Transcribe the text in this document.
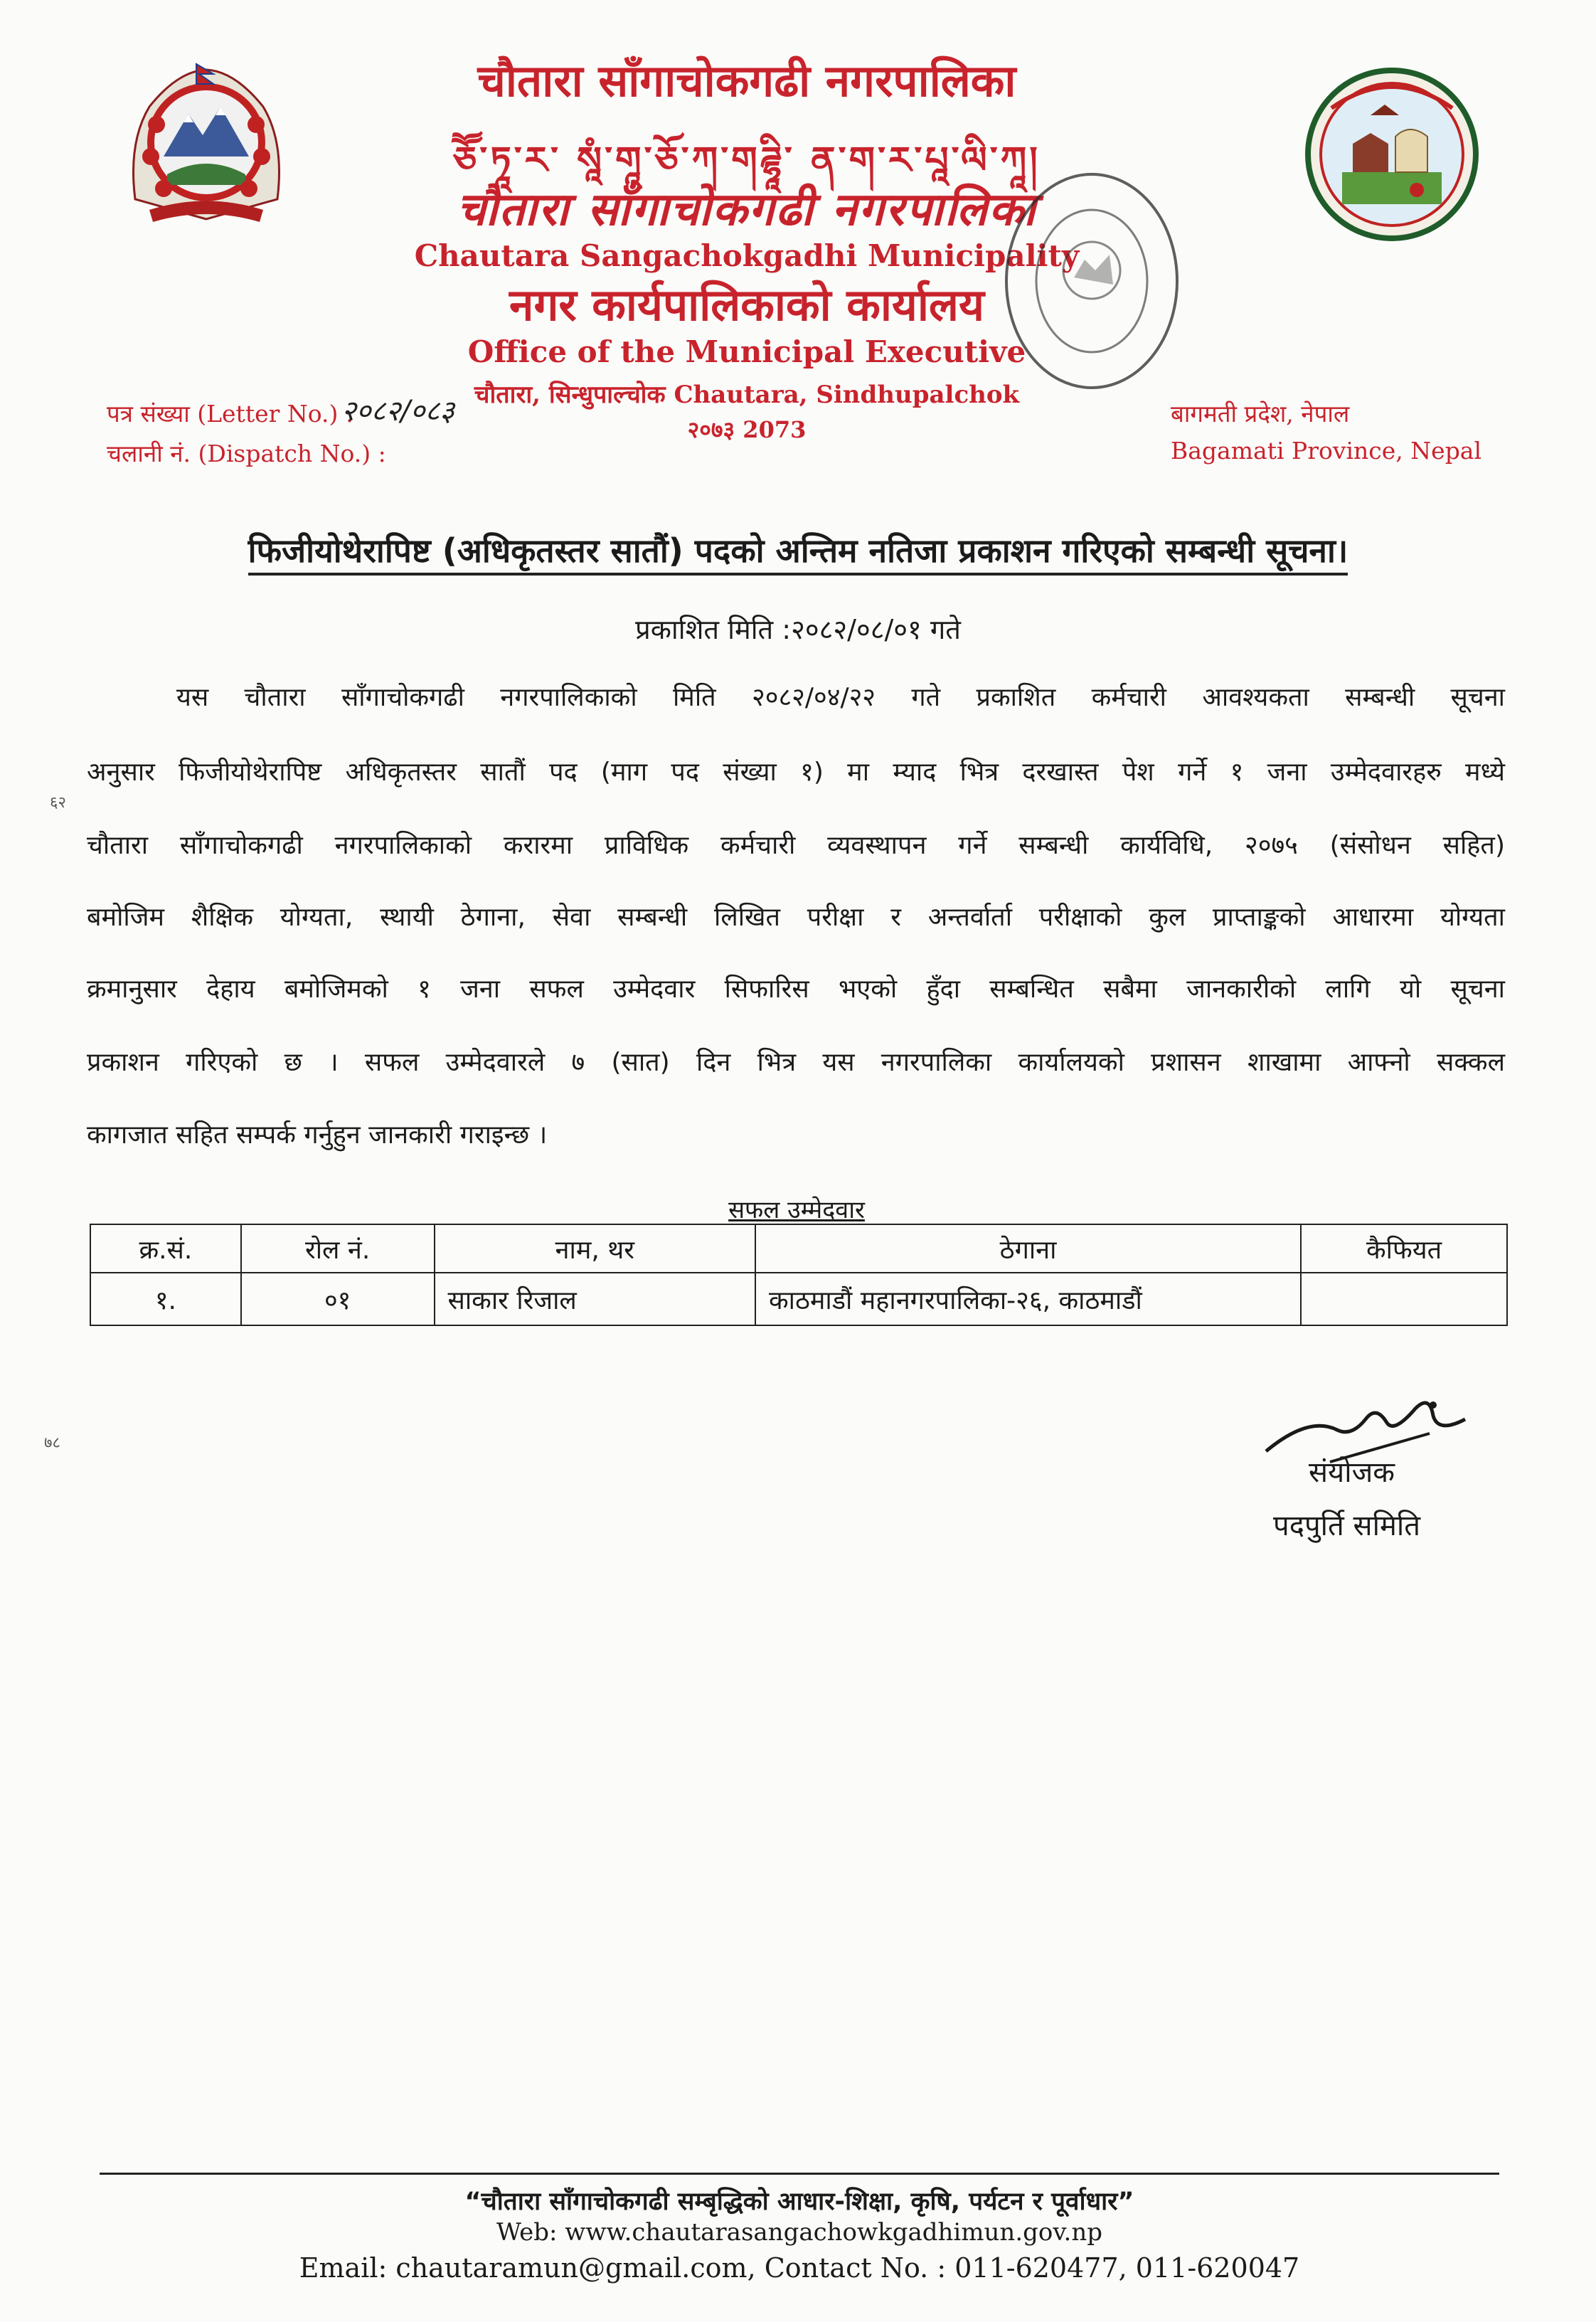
चौतारा साँगाचोकगढी नगरपालिका
ཅཽ་ཏཱ་ར་ སཱཾ་གཱ་ཅོ་ཀ་གཌྷཱི་ ན་ག་ར་པཱ་ལི་ཀཱ།
चौतारा साँगाचोकगढी नगरपालिका
Chautara Sangachokgadhi Municipality
नगर कार्यपालिकाको कार्यालय
Office of the Municipal Executive
चौतारा, सिन्धुपाल्चोक Chautara, Sindhupalchok
२०७३ 2073
पत्र संख्या (Letter No.) :
२०८२/०८३
चलानी नं. (Dispatch No.) :
बागमती प्रदेश, नेपाल
Bagamati Province, Nepal
फिजीयोथेरापिष्ट (अधिकृतस्तर सातौं) पदको अन्तिम नतिजा प्रकाशन गरिएको सम्बन्धी सूचना।
प्रकाशित मिति :२०८२/०८/०१ गते
यस चौतारा साँगाचोकगढी नगरपालिकाको मिति २०८२/०४/२२ गते प्रकाशित कर्मचारी आवश्यकता सम्बन्धी सूचना
अनुसार फिजीयोथेरापिष्ट अधिकृतस्तर सातौं पद (माग पद संख्या १) मा म्याद भित्र दरखास्त पेश गर्ने १ जना उम्मेदवारहरु मध्ये
चौतारा साँगाचोकगढी नगरपालिकाको करारमा प्राविधिक कर्मचारी व्यवस्थापन गर्ने सम्बन्धी कार्यविधि, २०७५ (संसोधन सहित)
बमोजिम शैक्षिक योग्यता, स्थायी ठेगाना, सेवा सम्बन्धी लिखित परीक्षा र अन्तर्वार्ता परीक्षाको कुल प्राप्ताङ्कको आधारमा योग्यता
क्रमानुसार देहाय बमोजिमको १ जना सफल उम्मेदवार सिफारिस भएको हुँदा सम्बन्धित सबैमा जानकारीको लागि यो सूचना
प्रकाशन गरिएको छ । सफल उम्मेदवारले ७ (सात) दिन भित्र यस नगरपालिका कार्यालयको प्रशासन शाखामा आफ्नो सक्कल
कागजात सहित सम्पर्क गर्नुहुन जानकारी गराइन्छ ।
६२
७८
सफल उम्मेदवार
क्र.सं.	रोल नं.	नाम, थर	ठेगाना	कैफियत
१.	०१	साकार रिजाल	काठमाडौं महानगरपालिका-२६, काठमाडौं	
संयोजक
पदपुर्ति समिति
“चौतारा साँगाचोकगढी सम्बृद्धिको आधार-शिक्षा, कृषि, पर्यटन र पूर्वाधार”
Web: www.chautarasangachowkgadhimun.gov.np
Email: chautaramun@gmail.com, Contact No. : 011-620477, 011-620047
